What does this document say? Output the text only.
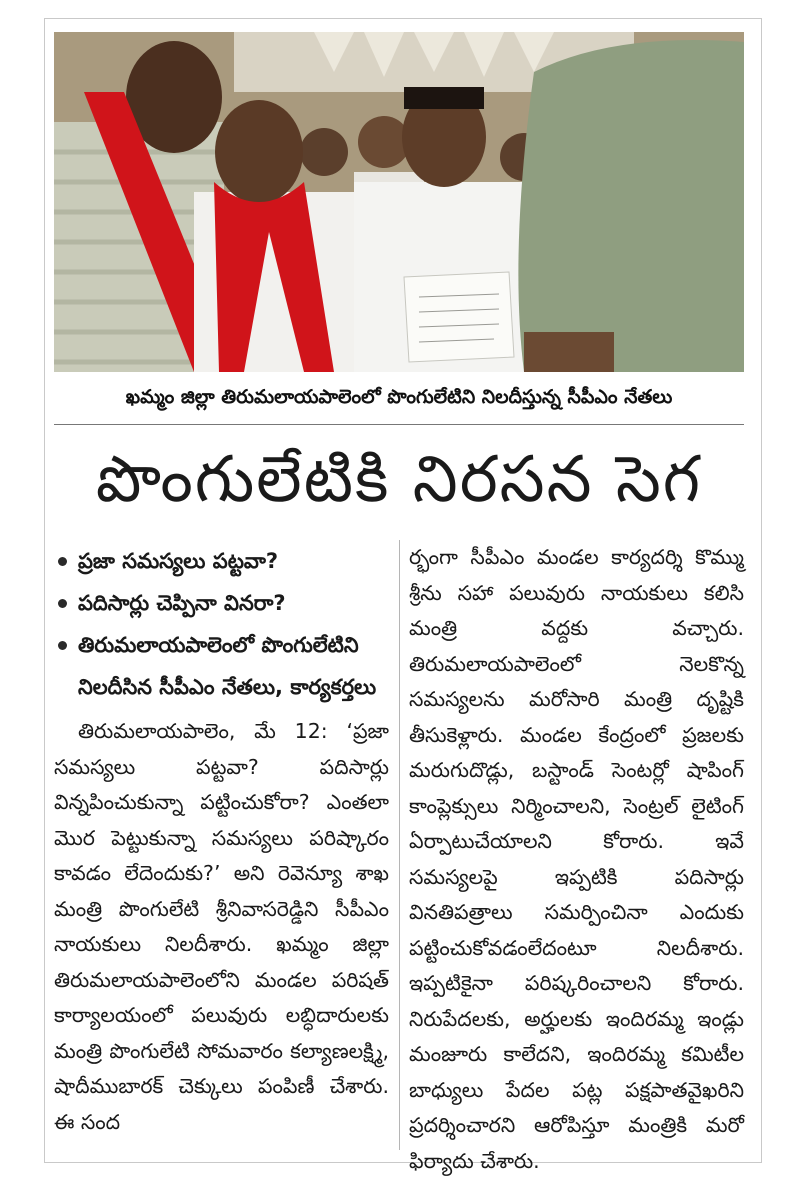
ఖమ్మం జిల్లా తిరుమలాయపాలెంలో పొంగులేటిని నిలదీస్తున్న సీపీఎం నేతలు
పొంగులేటికి నిరసన సెగ
ప్రజా సమస్యలు పట్టవా?
పదిసార్లు చెప్పినా వినరా?
తిరుమలాయపాలెంలో పొంగులేటిని నిలదీసిన సీపీఎం నేతలు, కార్యకర్తలు

తిరుమలాయపాలెం, మే 12: ‘ప్రజా సమస్యలు పట్టవా? పదిసార్లు విన్నపించుకున్నా పట్టించుకోరా? ఎంతలా మొర పెట్టుకున్నా సమస్యలు పరిష్కారం కావడం లేదెందుకు?’ అని రెవెన్యూ శాఖ మంత్రి పొంగులేటి శ్రీనివాసరెడ్డిని సీపీఎం నాయకులు నిలదీశారు. ఖమ్మం జిల్లా తిరుమలాయపాలెంలోని మండల పరిషత్ కార్యాలయంలో పలువురు లబ్ధిదారులకు మంత్రి పొంగులేటి సోమవారం కల్యాణలక్ష్మి, షాదీముబారక్ చెక్కులు పంపిణీ చేశారు. ఈ సంద

ర్భంగా సీపీఎం మండల కార్యదర్శి కొమ్ము శ్రీను సహా పలువురు నాయకులు కలిసి మంత్రి వద్దకు వచ్చారు. తిరుమలాయపాలెంలో నెలకొన్న సమస్యలను మరోసారి మంత్రి దృష్టికి తీసుకెళ్లారు. మండల కేంద్రంలో ప్రజలకు మరుగుదొడ్లు, బస్టాండ్ సెంటర్లో షాపింగ్ కాంప్లెక్సులు నిర్మించాలని, సెంట్రల్ లైటింగ్ ఏర్పాటుచేయాలని కోరారు. ఇవే సమస్యలపై ఇప్పటికి పదిసార్లు వినతిపత్రాలు సమర్పించినా ఎందుకు పట్టించుకోవడంలేదంటూ నిలదీశారు. ఇప్పటికైనా పరిష్కరించాలని కోరారు. నిరుపేదలకు, అర్హులకు ఇందిరమ్మ ఇండ్లు మంజూరు కాలేదని, ఇందిరమ్మ కమిటీల బాధ్యులు పేదల పట్ల పక్షపాతవైఖరిని ప్రదర్శించారని ఆరోపిస్తూ మంత్రికి మరో ఫిర్యాదు చేశారు.
